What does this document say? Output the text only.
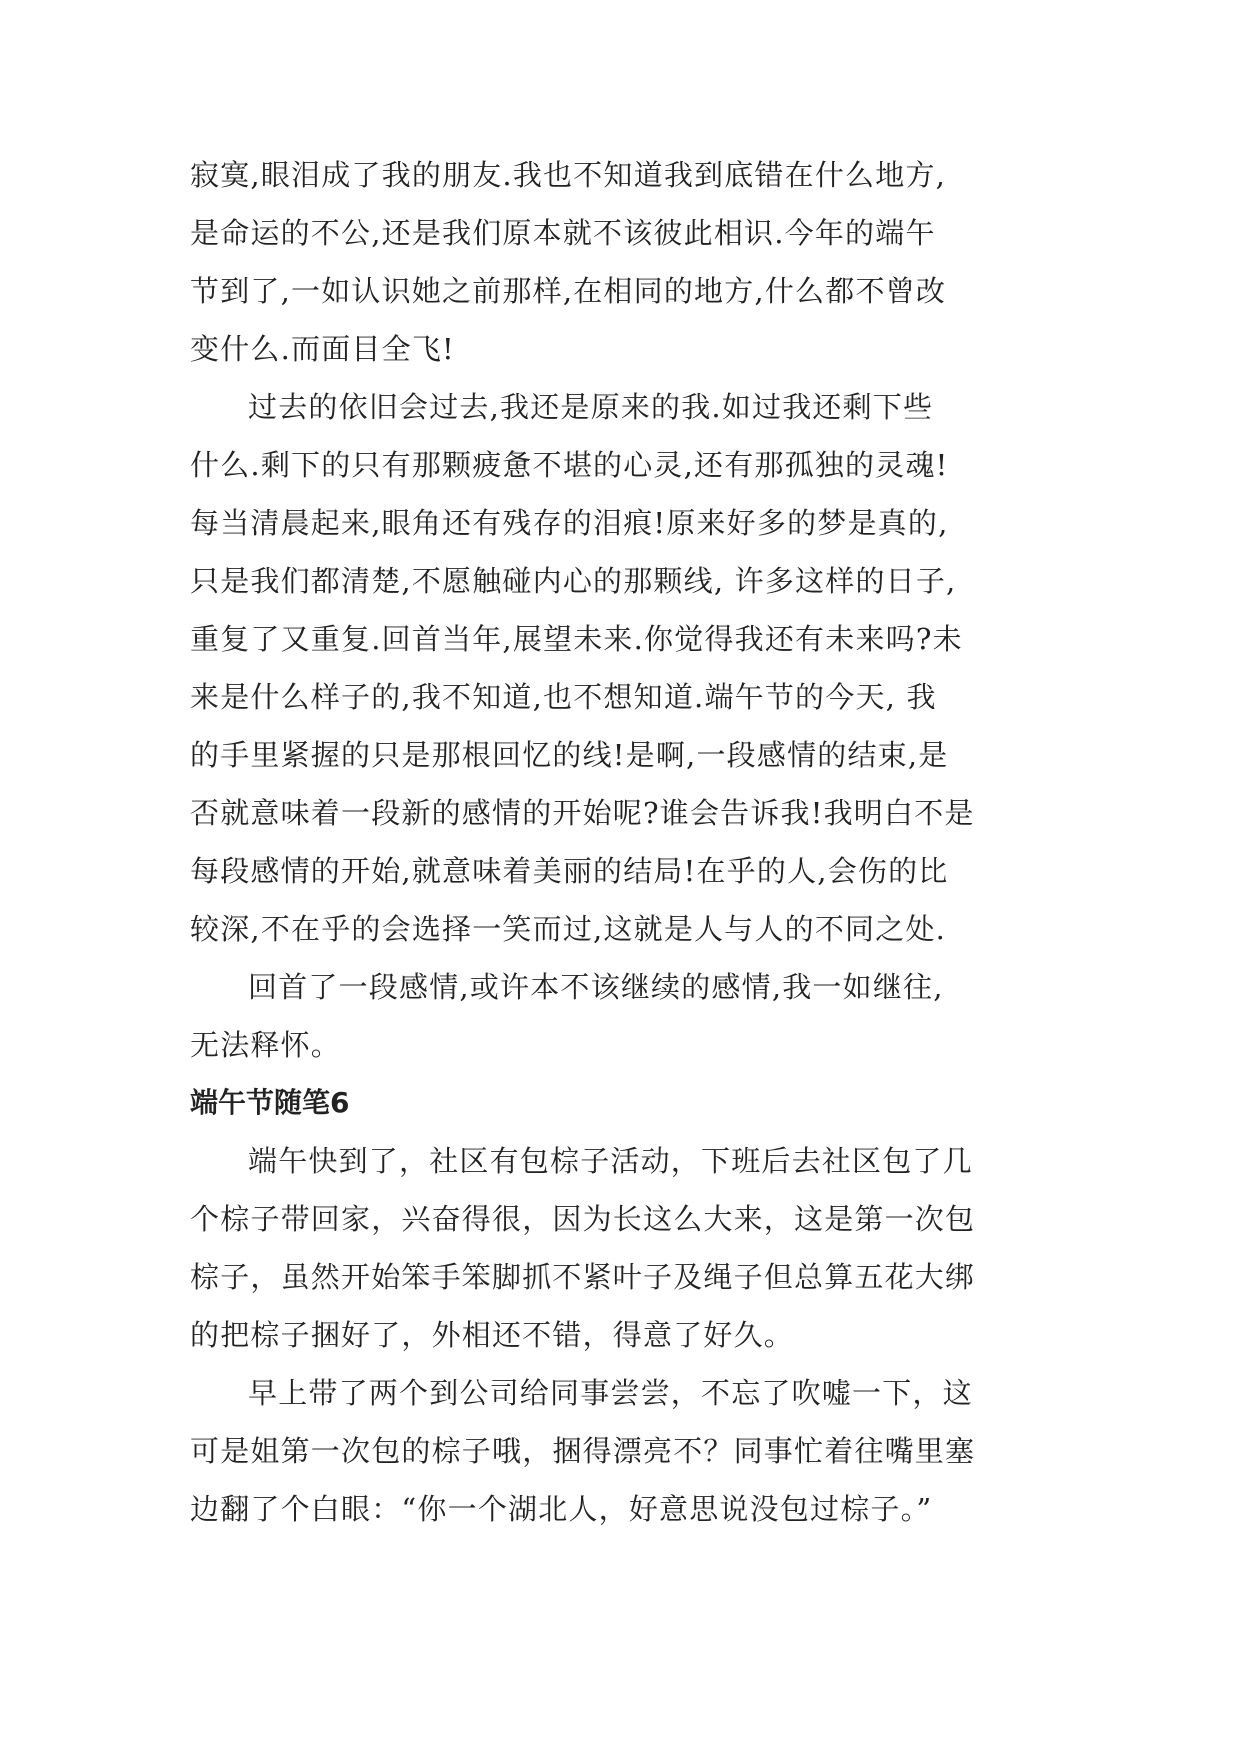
寂寞,眼泪成了我的朋友.我也不知道我到底错在什么地方,
是命运的不公,还是我们原本就不该彼此相识.今年的端午
节到了,一如认识她之前那样,在相同的地方,什么都不曾改
变什么.而面目全飞!

过去的依旧会过去,我还是原来的我.如过我还剩下些
什么.剩下的只有那颗疲惫不堪的心灵,还有那孤独的灵魂!
每当清晨起来,眼角还有残存的泪痕!原来好多的梦是真的,
只是我们都清楚,不愿触碰内心的那颗线, 许多这样的日子,
重复了又重复.回首当年,展望未来.你觉得我还有未来吗?未
来是什么样子的,我不知道,也不想知道.端午节的今天, 我
的手里紧握的只是那根回忆的线!是啊,一段感情的结束,是
否就意味着一段新的感情的开始呢?谁会告诉我!我明白不是
每段感情的开始,就意味着美丽的结局!在乎的人,会伤的比
较深,不在乎的会选择一笑而过,这就是人与人的不同之处.

回首了一段感情,或许本不该继续的感情,我一如继往,
无法释怀。

端午节随笔6

端午快到了，社区有包棕子活动，下班后去社区包了几
个棕子带回家，兴奋得很，因为长这么大来，这是第一次包
棕子，虽然开始笨手笨脚抓不紧叶子及绳子但总算五花大绑
的把棕子捆好了，外相还不错，得意了好久。

早上带了两个到公司给同事尝尝，不忘了吹嘘一下，这
可是姐第一次包的棕子哦，捆得漂亮不？同事忙着往嘴里塞
边翻了个白眼：“你一个湖北人，好意思说没包过棕子。”
